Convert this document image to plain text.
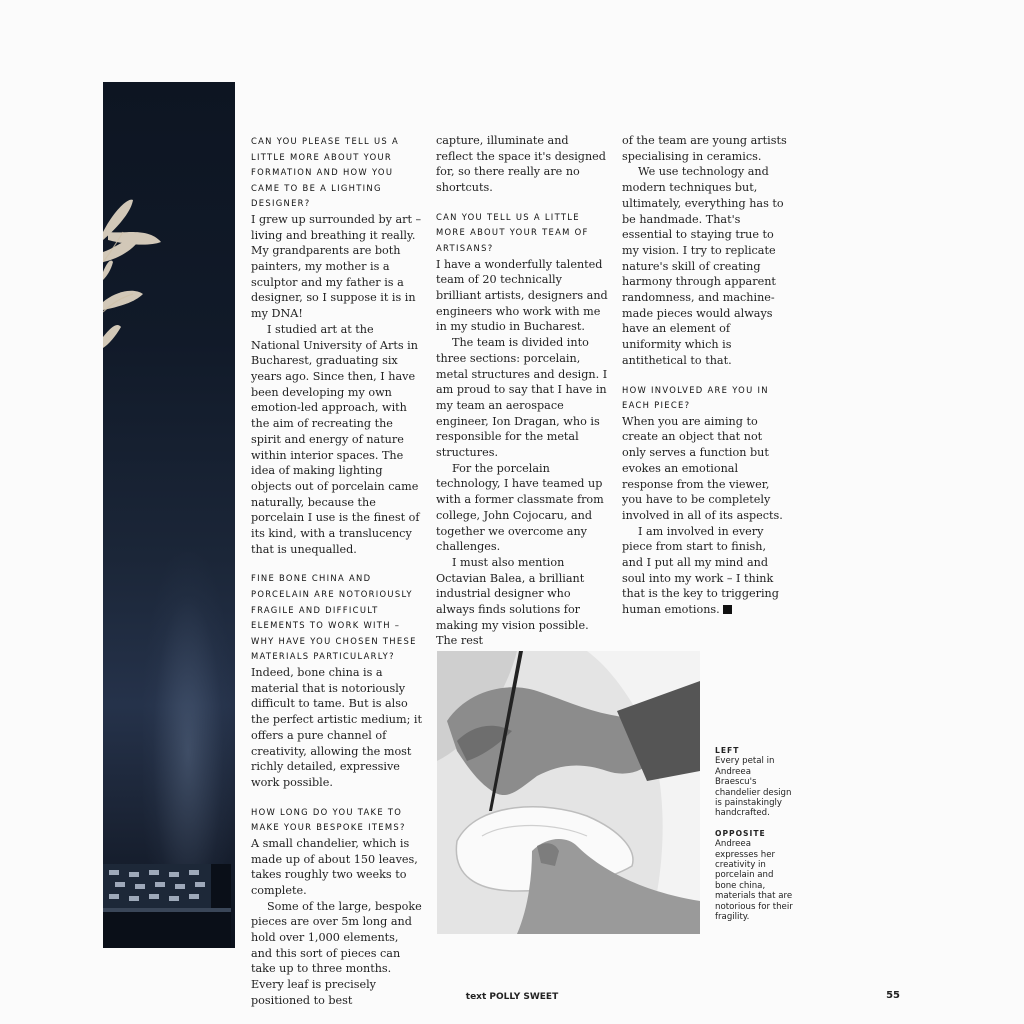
CAN YOU PLEASE TELL US A LITTLE MORE ABOUT YOUR FORMATION AND HOW YOU CAME TO BE A LIGHTING DESIGNER?

I grew up surrounded by art – living and breathing it really. My grandparents are both painters, my mother is a sculptor and my father is a designer, so I suppose it is in my DNA!

I studied art at the National University of Arts in Bucharest, graduating six years ago. Since then, I have been developing my own emotion-led approach, with the aim of recreating the spirit and energy of nature within interior spaces. The idea of making lighting objects out of porcelain came naturally, because the porcelain I use is the finest of its kind, with a translucency that is unequalled.

FINE BONE CHINA AND PORCELAIN ARE NOTORIOUSLY FRAGILE AND DIFFICULT ELEMENTS TO WORK WITH – WHY HAVE YOU CHOSEN THESE MATERIALS PARTICULARLY?

Indeed, bone china is a material that is notoriously difficult to tame. But is also the perfect artistic medium; it offers a pure channel of creativity, allowing the most richly detailed, expressive work possible.

HOW LONG DO YOU TAKE TO MAKE YOUR BESPOKE ITEMS?

A small chandelier, which is made up of about 150 leaves, takes roughly two weeks to complete.

Some of the large, bespoke pieces are over 5m long and hold over 1,000 elements, and this sort of pieces can take up to three months. Every leaf is precisely positioned to best

capture, illuminate and reflect the space it's designed for, so there really are no shortcuts.

CAN YOU TELL US A LITTLE MORE ABOUT YOUR TEAM OF ARTISANS?

I have a wonderfully talented team of 20 technically brilliant artists, designers and engineers who work with me in my studio in Bucharest.

The team is divided into three sections: porcelain, metal structures and design. I am proud to say that I have in my team an aerospace engineer, Ion Dragan, who is responsible for the metal structures.

For the porcelain technology, I have teamed up with a former classmate from college, John Cojocaru, and together we overcome any challenges.

I must also mention Octavian Balea, a brilliant industrial designer who always finds solutions for making my vision possible. The rest

of the team are young artists specialising in ceramics.

We use technology and modern techniques but, ultimately, everything has to be handmade. That's essential to staying true to my vision. I try to replicate nature's skill of creating harmony through apparent randomness, and machine-made pieces would always have an element of uniformity which is antithetical to that.

HOW INVOLVED ARE YOU IN EACH PIECE?

When you are aiming to create an object that not only serves a function but evokes an emotional response from the viewer, you have to be completely involved in all of its aspects.

I am involved in every piece from start to finish, and I put all my mind and soul into my work – I think that is the key to triggering human emotions.

LEFT

Every petal in Andreea Braescu's chandelier design is painstakingly handcrafted.

OPPOSITE

Andreea expresses her creativity in porcelain and bone china, materials that are notorious for their fragility.

text POLLY SWEET	55
